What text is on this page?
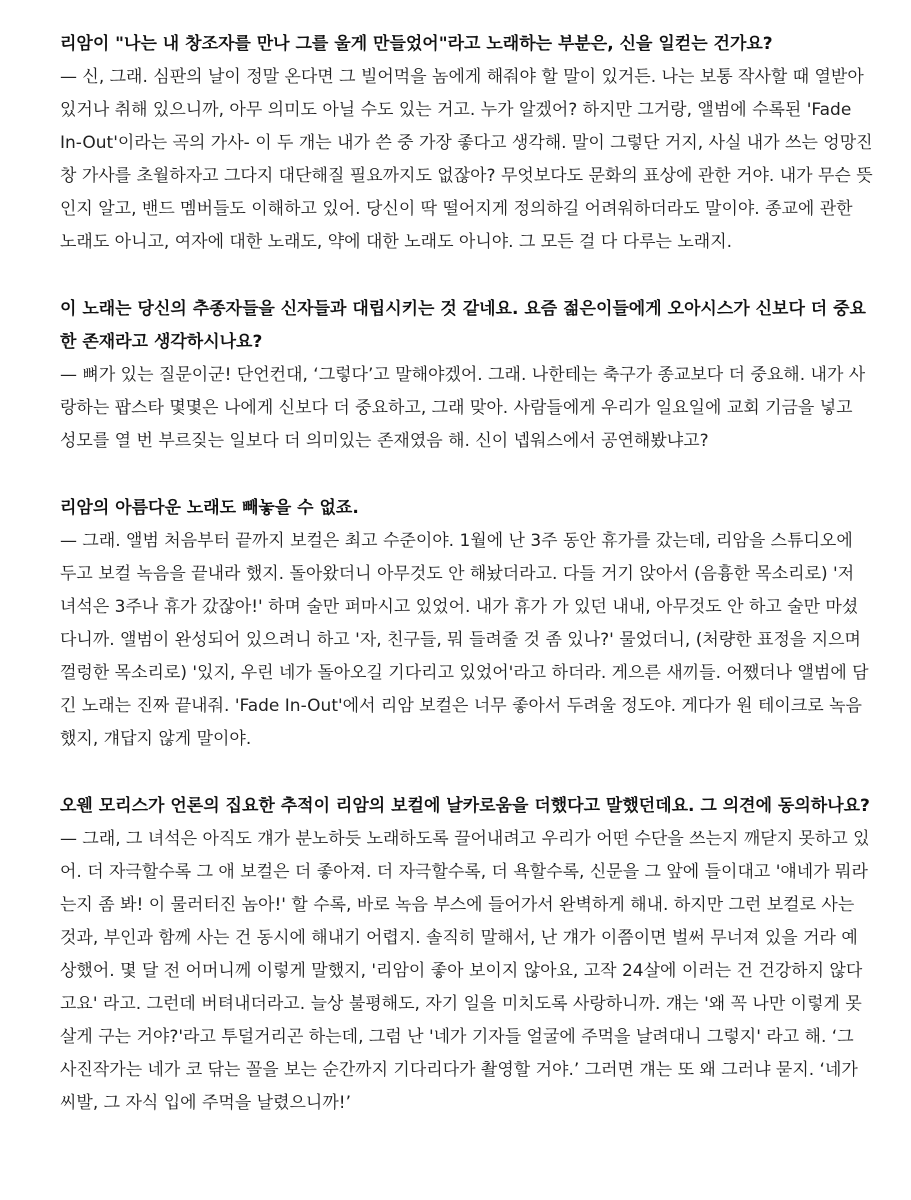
리암이 "나는 내 창조자를 만나 그를 울게 만들었어"라고 노래하는 부분은, 신을 일컫는 건가요?

— 신, 그래. 심판의 날이 정말 온다면 그 빌어먹을 놈에게 해줘야 할 말이 있거든. 나는 보통 작사할 때 열받아 있거나 취해 있으니까, 아무 의미도 아닐 수도 있는 거고. 누가 알겠어? 하지만 그거랑, 앨범에 수록된 'Fade In-Out'이라는 곡의 가사- 이 두 개는 내가 쓴 중 가장 좋다고 생각해. 말이 그렇단 거지, 사실 내가 쓰는 엉망진창 가사를 초월하자고 그다지 대단해질 필요까지도 없잖아? 무엇보다도 문화의 표상에 관한 거야. 내가 무슨 뜻인지 알고, 밴드 멤버들도 이해하고 있어. 당신이 딱 떨어지게 정의하길 어려워하더라도 말이야. 종교에 관한 노래도 아니고, 여자에 대한 노래도, 약에 대한 노래도 아니야. 그 모든 걸 다 다루는 노래지.

이 노래는 당신의 추종자들을 신자들과 대립시키는 것 같네요. 요즘 젊은이들에게 오아시스가 신보다 더 중요한 존재라고 생각하시나요?

— 뼈가 있는 질문이군! 단언컨대, ‘그렇다’고 말해야겠어. 그래. 나한테는 축구가 종교보다 더 중요해. 내가 사랑하는 팝스타 몇몇은 나에게 신보다 더 중요하고, 그래 맞아. 사람들에게 우리가 일요일에 교회 기금을 넣고 성모를 열 번 부르짖는 일보다 더 의미있는 존재였음 해. 신이 넵워스에서 공연해봤냐고?

리암의 아름다운 노래도 빼놓을 수 없죠.

— 그래. 앨범 처음부터 끝까지 보컬은 최고 수준이야. 1월에 난 3주 동안 휴가를 갔는데, 리암을 스튜디오에 두고 보컬 녹음을 끝내라 했지. 돌아왔더니 아무것도 안 해놨더라고. 다들 거기 앉아서 (음흉한 목소리로) '저 녀석은 3주나 휴가 갔잖아!' 하며 술만 퍼마시고 있었어. 내가 휴가 가 있던 내내, 아무것도 안 하고 술만 마셨다니까. 앨범이 완성되어 있으려니 하고 '자, 친구들, 뭐 들려줄 것 좀 있나?' 물었더니, (처량한 표정을 지으며 껄렁한 목소리로) '있지, 우린 네가 돌아오길 기다리고 있었어'라고 하더라. 게으른 새끼들. 어쨌더나 앨범에 담긴 노래는 진짜 끝내줘. 'Fade In-Out'에서 리암 보컬은 너무 좋아서 두려울 정도야. 게다가 원 테이크로 녹음했지, 걔답지 않게 말이야.

오웬 모리스가 언론의 집요한 추적이 리암의 보컬에 날카로움을 더했다고 말했던데요. 그 의견에 동의하나요?

— 그래, 그 녀석은 아직도 걔가 분노하듯 노래하도록 끌어내려고 우리가 어떤 수단을 쓰는지 깨닫지 못하고 있어. 더 자극할수록 그 애 보컬은 더 좋아져. 더 자극할수록, 더 욕할수록, 신문을 그 앞에 들이대고 '얘네가 뭐라는지 좀 봐! 이 물러터진 놈아!' 할 수록, 바로 녹음 부스에 들어가서 완벽하게 해내. 하지만 그런 보컬로 사는 것과, 부인과 함께 사는 건 동시에 해내기 어렵지. 솔직히 말해서, 난 걔가 이쯤이면 벌써 무너져 있을 거라 예상했어. 몇 달 전 어머니께 이렇게 말했지, '리암이 좋아 보이지 않아요, 고작 24살에 이러는 건 건강하지 않다고요' 라고. 그런데 버텨내더라고. 늘상 불평해도, 자기 일을 미치도록 사랑하니까. 걔는 '왜 꼭 나만 이렇게 못살게 구는 거야?'라고 투덜거리곤 하는데, 그럼 난 '네가 기자들 얼굴에 주먹을 날려대니 그렇지' 라고 해. ‘그 사진작가는 네가 코 닦는 꼴을 보는 순간까지 기다리다가 촬영할 거야.’ 그러면 걔는 또 왜 그러냐 묻지. ‘네가 씨발, 그 자식 입에 주먹을 날렸으니까!’
